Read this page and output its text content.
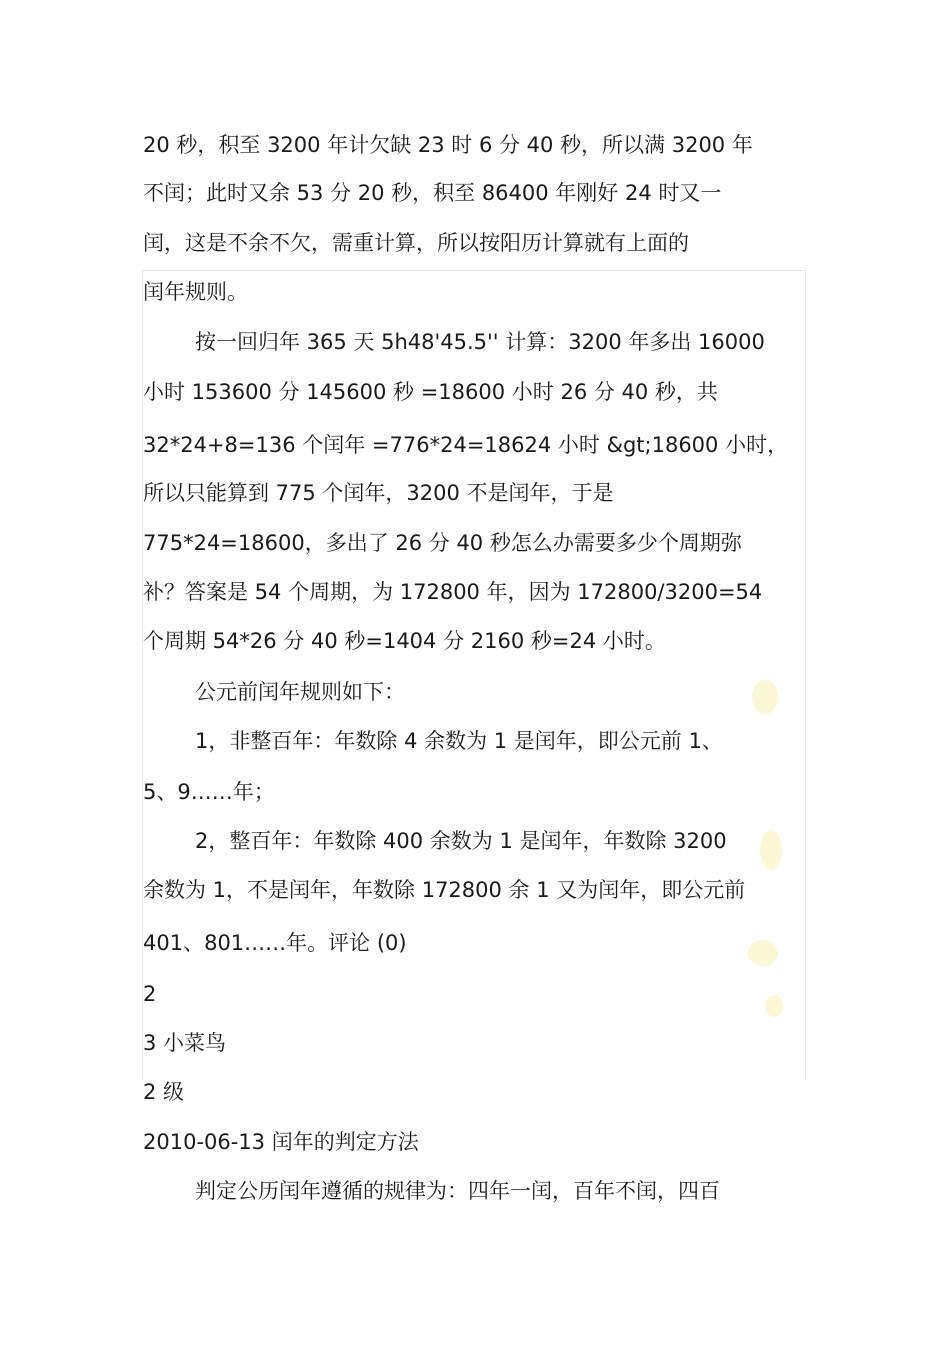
20 秒，积至 3200 年计欠缺 23 时 6 分 40 秒，所以满 3200 年
不闰；此时又余 53 分 20 秒，积至 86400 年刚好 24 时又一
闰，这是不余不欠，需重计算，所以按阳历计算就有上面的
闰年规则。
按一回归年 365 天 5h48'45.5'' 计算：3200 年多出 16000
小时 153600 分 145600 秒 =18600 小时 26 分 40 秒，共
32*24+8=136 个闰年 =776*24=18624 小时 &gt;18600 小时，
所以只能算到 775 个闰年，3200 不是闰年，于是
775*24=18600，多出了 26 分 40 秒怎么办需要多少个周期弥
补？答案是 54 个周期，为 172800 年，因为 172800/3200=54
个周期 54*26 分 40 秒=1404 分 2160 秒=24 小时。
公元前闰年规则如下：
1，非整百年：年数除 4 余数为 1 是闰年，即公元前 1、
5、9……年；
2，整百年：年数除 400 余数为 1 是闰年，年数除 3200
余数为 1，不是闰年，年数除 172800 余 1 又为闰年，即公元前
401、801……年。评论 (0)
2
3 小菜鸟
2 级
2010-06-13 闰年的判定方法
判定公历闰年遵循的规律为：四年一闰，百年不闰，四百
